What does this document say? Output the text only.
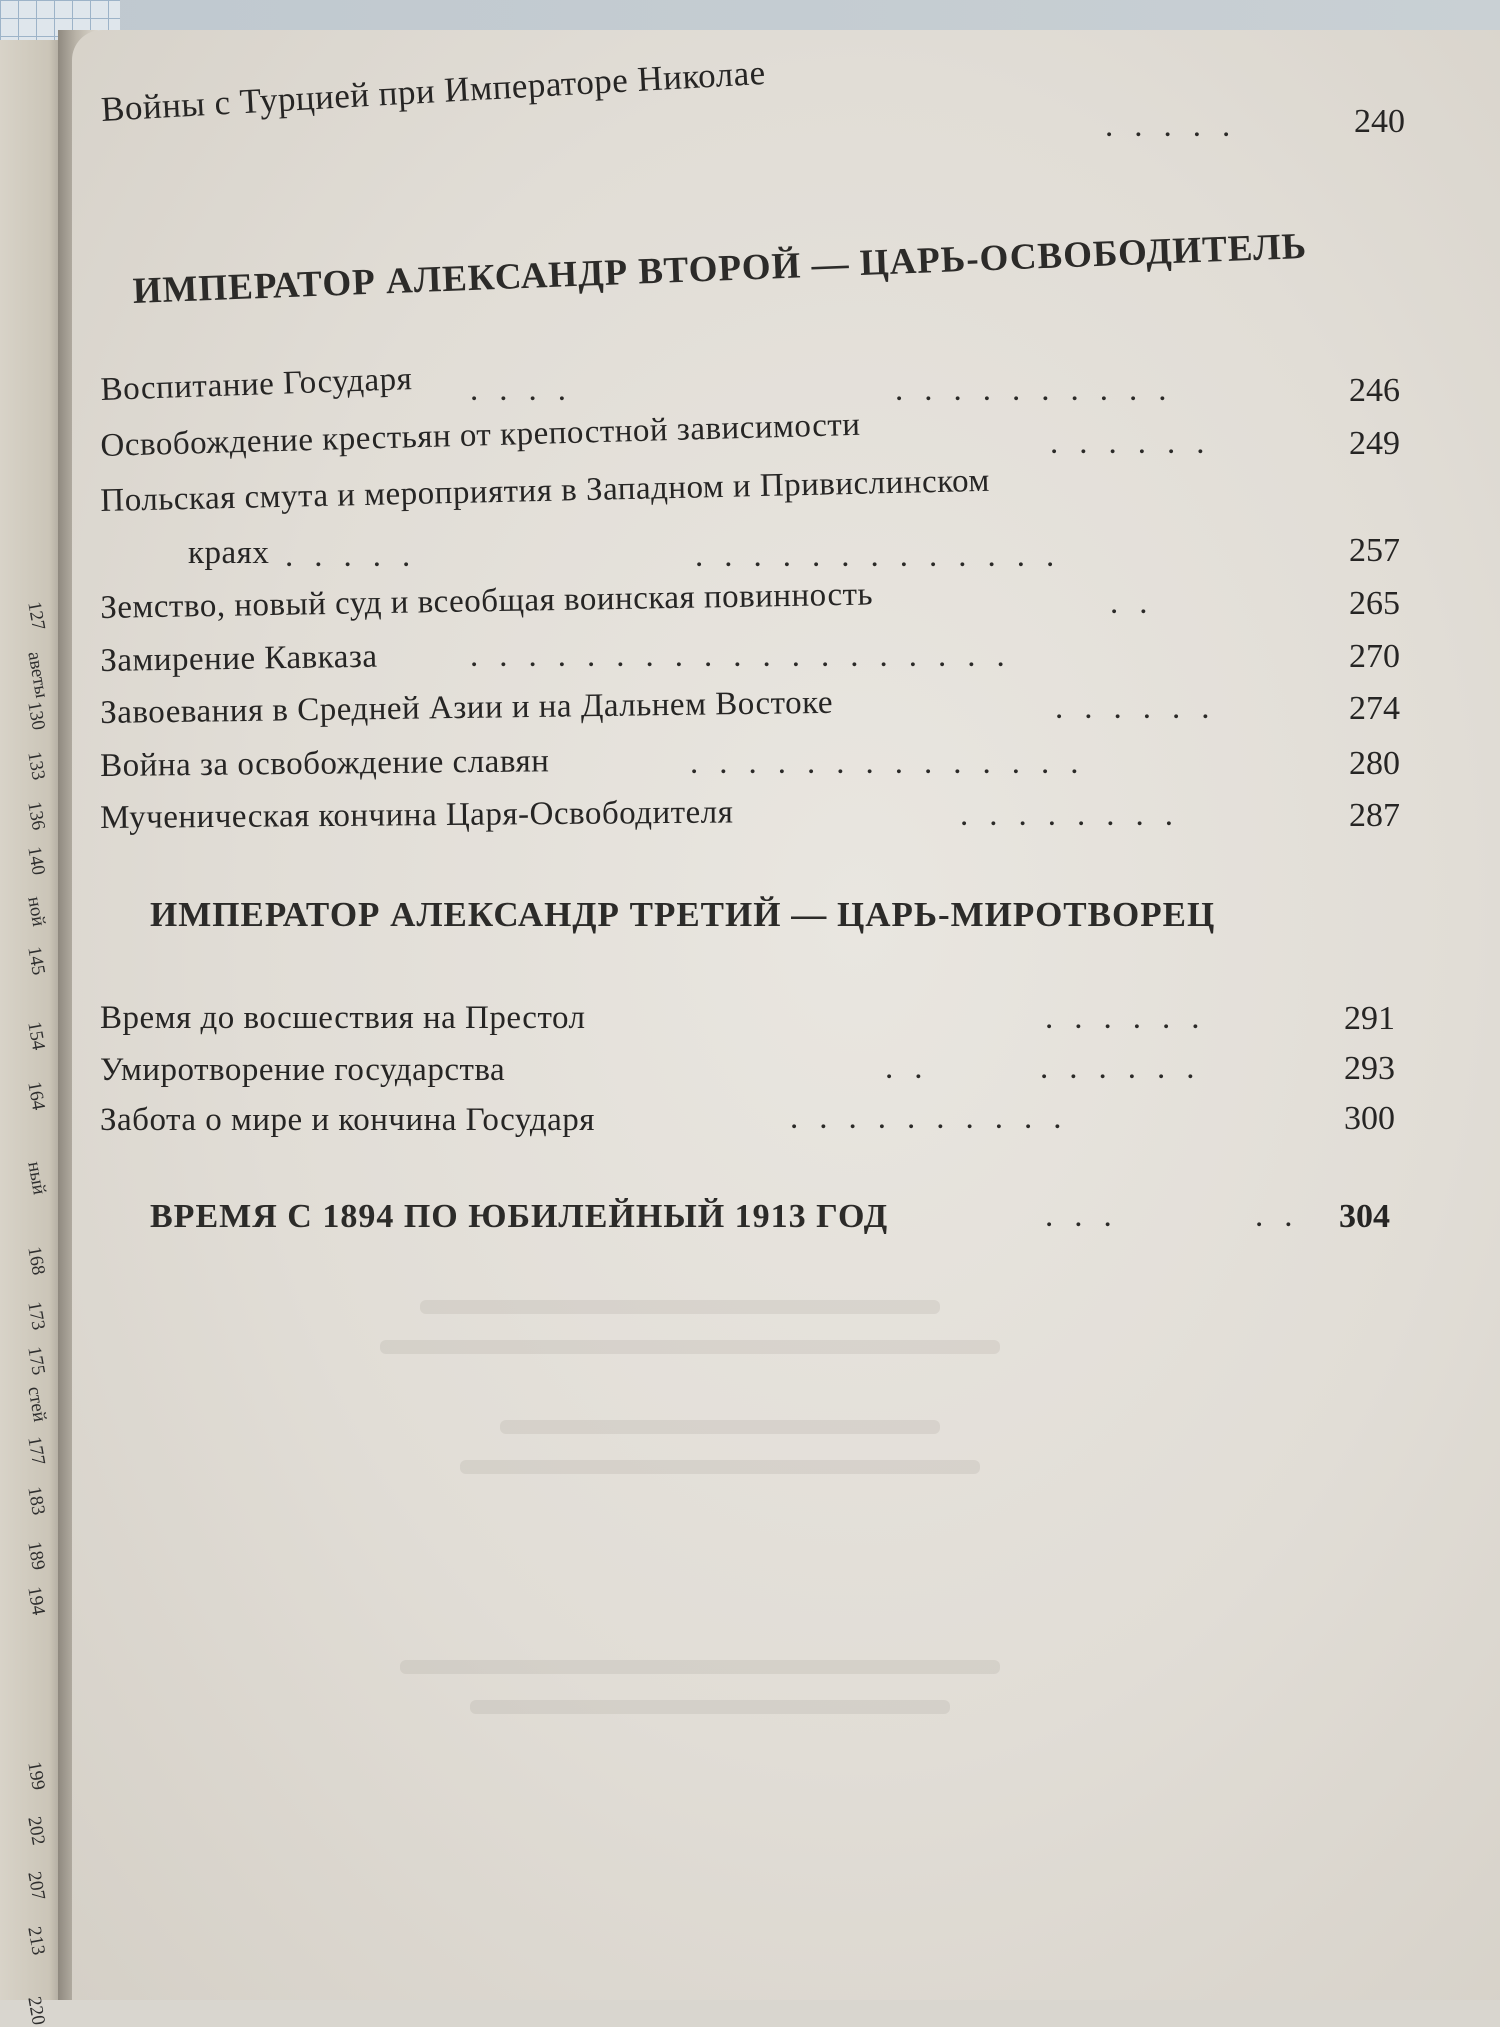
127
аветы
130
133
136
140
ной
145
154
164
ный
168
173
175
стей
177
183
189
194
199
202
207
213
220
Войны с Турцией при Императоре Николае	.....	240
ИМПЕРАТОР АЛЕКСАНДР ВТОРОЙ — ЦАРЬ-ОСВОБОДИТЕЛЬ
Воспитание Государя ....	..........	246
Освобождение крестьян от крепостной зависимости	......	249
Польская смута и мероприятия в Западном и Привислинском
краях .....	.............	257
Земство, новый суд и всеобщая воинская повинность	..	265
Замирение Кавказа	...................	270
Завоевания в Средней Азии и на Дальнем Востоке	......	274
Война за освобождение славян	..............	280
Мученическая кончина Царя-Освободителя	........	287
ИМПЕРАТОР АЛЕКСАНДР ТРЕТИЙ — ЦАРЬ-МИРОТВОРЕЦ
Время до восшествия на Престол	......	291
Умиротворение государства	..	......	293
Забота о мире и кончина Государя	..........	300
ВРЕМЯ С 1894 ПО ЮБИЛЕЙНЫЙ 1913 ГОД	...	.. 304
